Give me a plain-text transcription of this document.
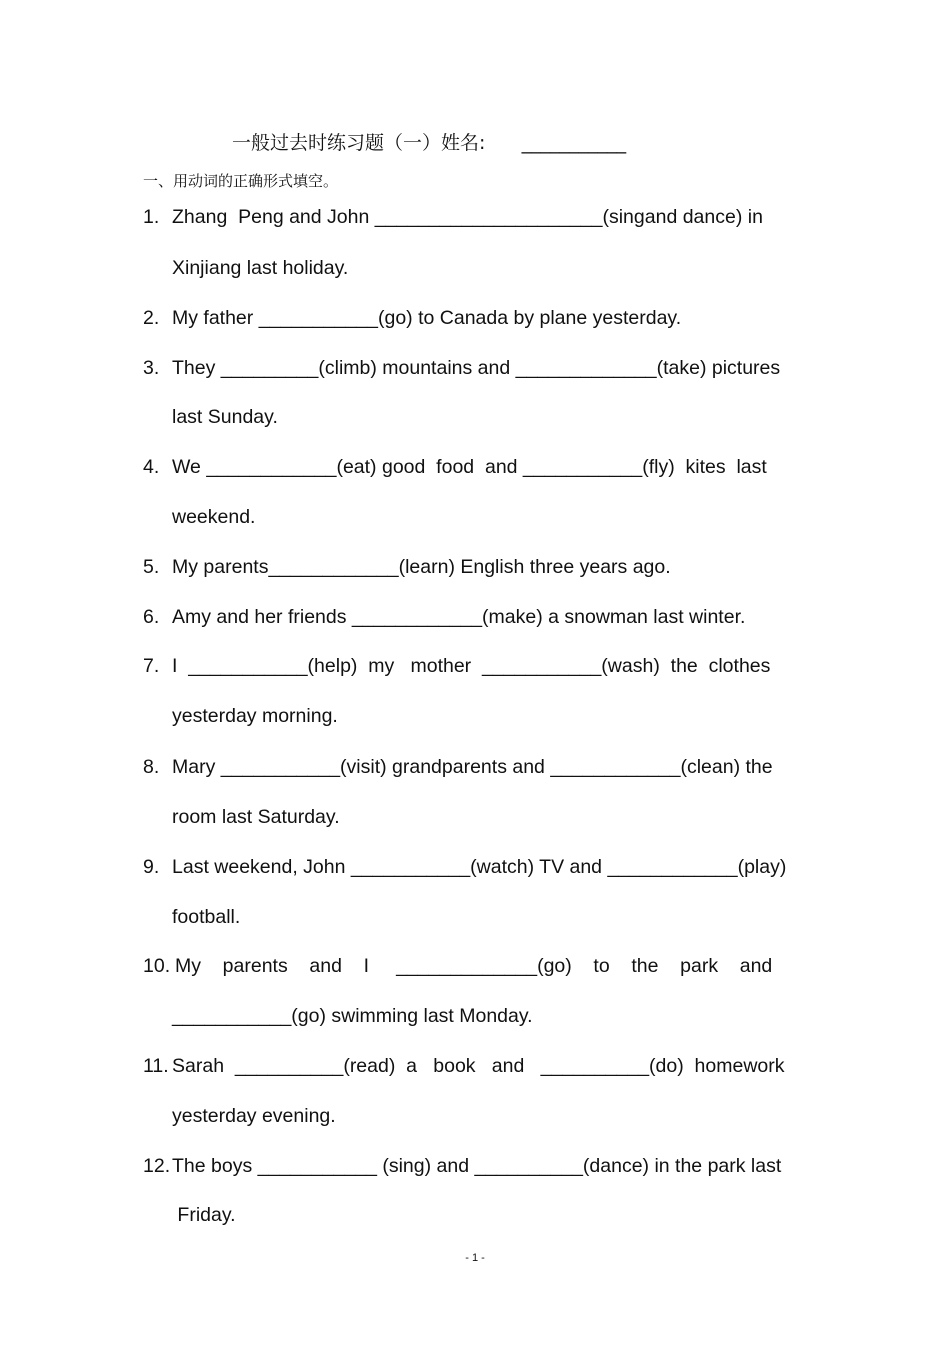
一般过去时练习题（一）姓名:      ___________
一、用动词的正确形式填空。
1. Zhang  Peng and John _____________________(singand dance) in
Xinjiang last holiday.
2. My father ___________(go) to Canada by plane yesterday.
3. They _________(climb) mountains and _____________(take) pictures
last Sunday.
4. We ____________(eat) good  food  and ___________(fly)  kites  last
weekend.
5. My parents____________(learn) English three years ago.
6. Amy and her friends ____________(make) a snowman last winter.
7. I  ___________(help)  my   mother  ___________(wash)  the  clothes
yesterday morning.
8. Mary ___________(visit) grandparents and ____________(clean) the
room last Saturday.
9. Last weekend, John ___________(watch) TV and ____________(play)
football.
10. My    parents    and    I     _____________(go)    to    the    park    and
___________(go) swimming last Monday.
11. Sarah  __________(read)  a   book   and   __________(do)  homework
yesterday evening.
12. The boys ___________ (sing) and __________(dance) in the park last
Friday.
- 1 -
